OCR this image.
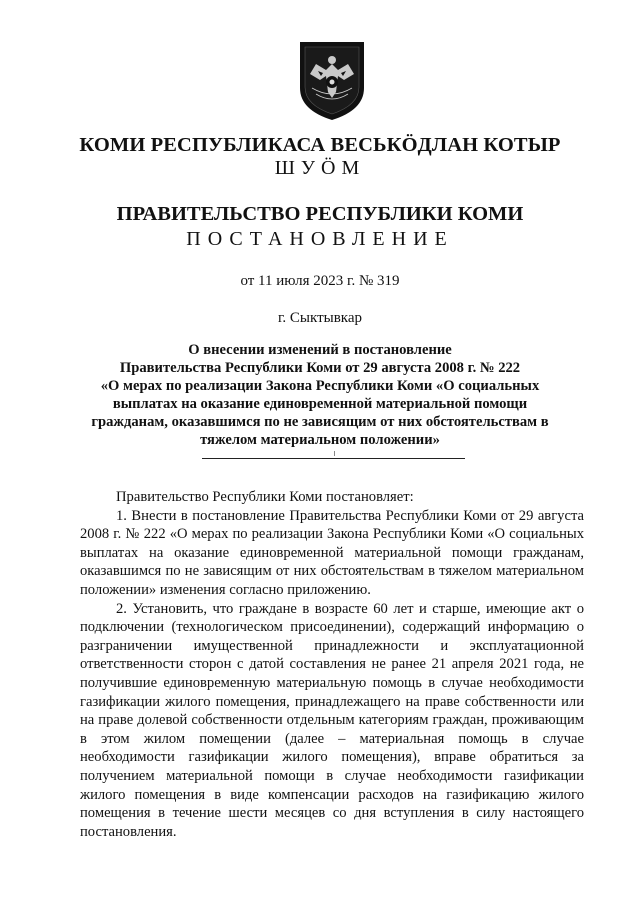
КОМИ РЕСПУБЛИКАСА ВЕСЬКӦДЛАН КОТЫР
ШУӦМ
ПРАВИТЕЛЬСТВО РЕСПУБЛИКИ КОМИ
ПОСТАНОВЛЕНИЕ
от 11 июля 2023 г. № 319
г. Сыктывкар
О внесении изменений в постановление
Правительства Республики Коми от 29 августа 2008 г. № 222
«О мерах по реализации Закона Республики Коми «О социальных
выплатах на оказание единовременной материальной помощи
гражданам, оказавшимся по не зависящим от них обстоятельствам в
тяжелом материальном положении»

Правительство Республики Коми постановляет:

1. Внести в постановление Правительства Республики Коми от 29 августа 2008 г. № 222 «О мерах по реализации Закона Республики Коми «О социальных выплатах на оказание единовременной материальной помощи гражданам, оказавшимся по не зависящим от них обстоятельствам в тяжелом материальном положении» изменения согласно приложению.

2. Установить, что граждане в возрасте 60 лет и старше, имеющие акт о подключении (технологическом присоединении), содержащий информацию о разграничении имущественной принадлежности и эксплуатационной ответственности сторон с датой составления не ранее 21 апреля 2021 года, не получившие единовременную материальную помощь в случае необходимости газификации жилого помещения, принадлежащего на праве собственности или на праве долевой собственности отдельным категориям граждан, проживающим в этом жилом помещении (далее – материальная помощь в случае необходимости газификации жилого помещения), вправе обратиться за получением материальной помощи в случае необходимости газификации жилого помещения в виде компенсации расходов на газификацию жилого помещения в течение шести месяцев со дня вступления в силу настоящего постановления.
